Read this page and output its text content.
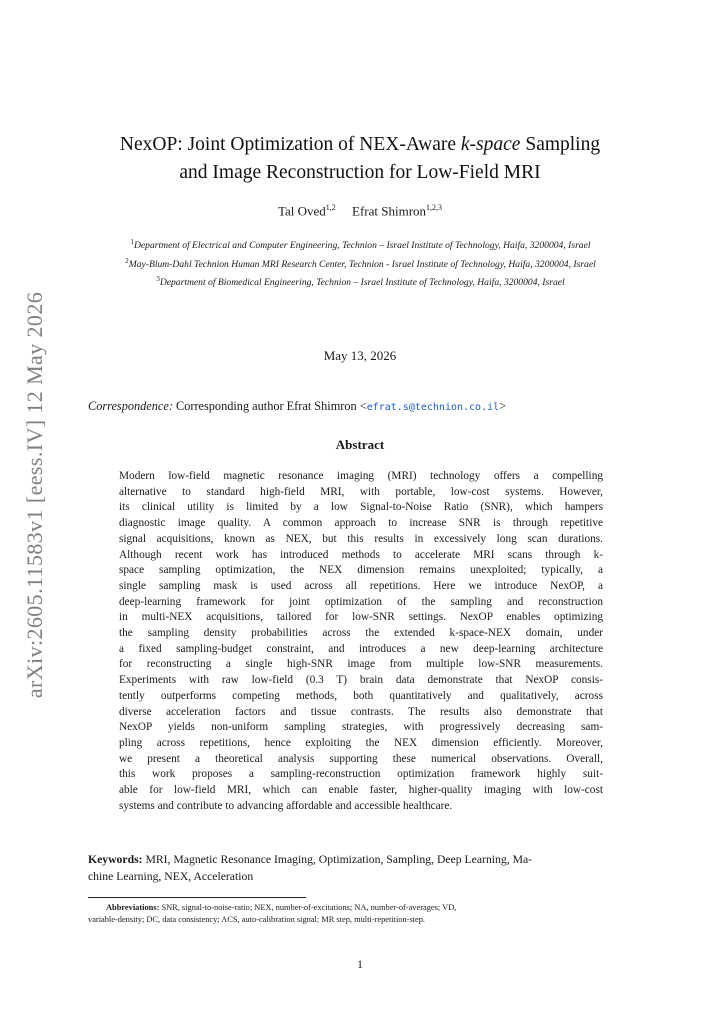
arXiv:2605.11583v1 [eess.IV] 12 May 2026
NexOP: Joint Optimization of NEX-Aware k-space Sampling
and Image Reconstruction for Low-Field MRI
Tal Oved$^{1,2}$ Efrat Shimron$^{1,2,3}$
$^1$Department of Electrical and Computer Engineering, Technion – Israel Institute of Technology, Haifa, 3200004, Israel
$^2$May-Blum-Dahl Technion Human MRI Research Center, Technion - Israel Institute of Technology, Haifa, 3200004, Israel
$^3$Department of Biomedical Engineering, Technion – Israel Institute of Technology, Haifa, 3200004, Israel
May 13, 2026
Correspondence: Corresponding author Efrat Shimron <efrat.s@technion.co.il>
Abstract
Modern low-field magnetic resonance imaging (MRI) technology offers a compelling
alternative to standard high-field MRI, with portable, low-cost systems. However,
its clinical utility is limited by a low Signal-to-Noise Ratio (SNR), which hampers
diagnostic image quality. A common approach to increase SNR is through repetitive
signal acquisitions, known as NEX, but this results in excessively long scan durations.
Although recent work has introduced methods to accelerate MRI scans through k-
space sampling optimization, the NEX dimension remains unexploited; typically, a
single sampling mask is used across all repetitions. Here we introduce NexOP, a
deep-learning framework for joint optimization of the sampling and reconstruction
in multi-NEX acquisitions, tailored for low-SNR settings. NexOP enables optimizing
the sampling density probabilities across the extended k-space-NEX domain, under
a fixed sampling-budget constraint, and introduces a new deep-learning architecture
for reconstructing a single high-SNR image from multiple low-SNR measurements.
Experiments with raw low-field (0.3 T) brain data demonstrate that NexOP consis-
tently outperforms competing methods, both quantitatively and qualitatively, across
diverse acceleration factors and tissue contrasts. The results also demonstrate that
NexOP yields non-uniform sampling strategies, with progressively decreasing sam-
pling across repetitions, hence exploiting the NEX dimension efficiently. Moreover,
we present a theoretical analysis supporting these numerical observations. Overall,
this work proposes a sampling-reconstruction optimization framework highly suit-
able for low-field MRI, which can enable faster, higher-quality imaging with low-cost
systems and contribute to advancing affordable and accessible healthcare.
Keywords: MRI, Magnetic Resonance Imaging, Optimization, Sampling, Deep Learning, Ma-
chine Learning, NEX, Acceleration
Abbreviations: SNR, signal-to-noise-ratio; NEX, number-of-excitations; NA, number-of-averages; VD,
variable-density; DC, data consistency; ACS, auto-calibration signal; MR step, multi-repetition-step.
1
